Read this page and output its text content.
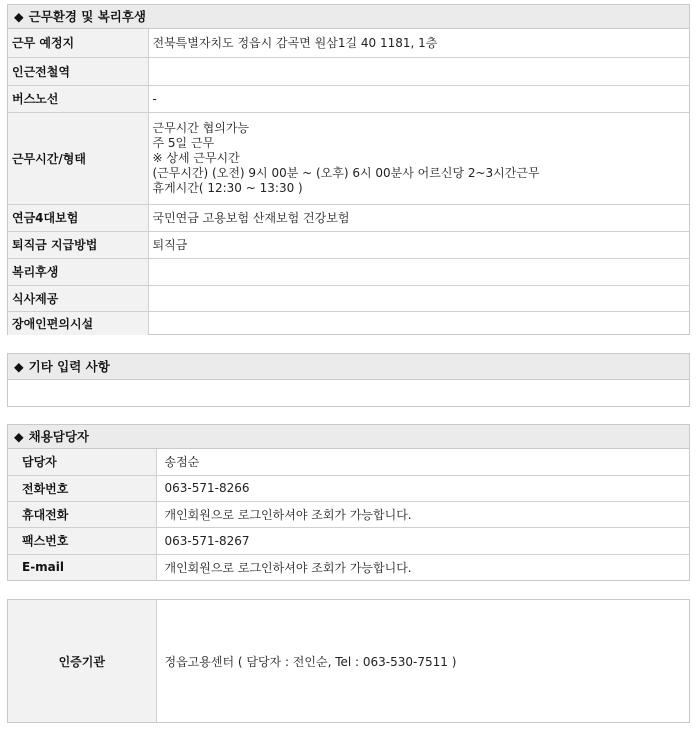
◆ 근무환경 및 복리후생
근무 예정지	전북특별자치도 정읍시 감곡면 원삼1길 40 1181, 1층
인근전철역	
버스노선	-
근무시간/형태	근무시간 협의가능
주 5일 근무
※ 상세 근무시간
(근무시간) (오전) 9시 00분 ~ (오후) 6시 00분사 어르신당 2~3시간근무
휴게시간( 12:30 ~ 13:30 )

연금4대보험	국민연금 고용보험 산재보험 건강보험
퇴직금 지급방법	퇴직금
복리후생	
식사제공	
장애인편의시설	
◆ 기타 입력 사항
◆ 채용담당자
담당자	송점순
전화번호	063-571-8266
휴대전화	개인회원으로 로그인하셔야 조회가 가능합니다.
팩스번호	063-571-8267
E-mail	개인회원으로 로그인하셔야 조회가 가능합니다.
인증기관	정읍고용센터 ( 담당자 : 전인순, Tel : 063-530-7511 )
